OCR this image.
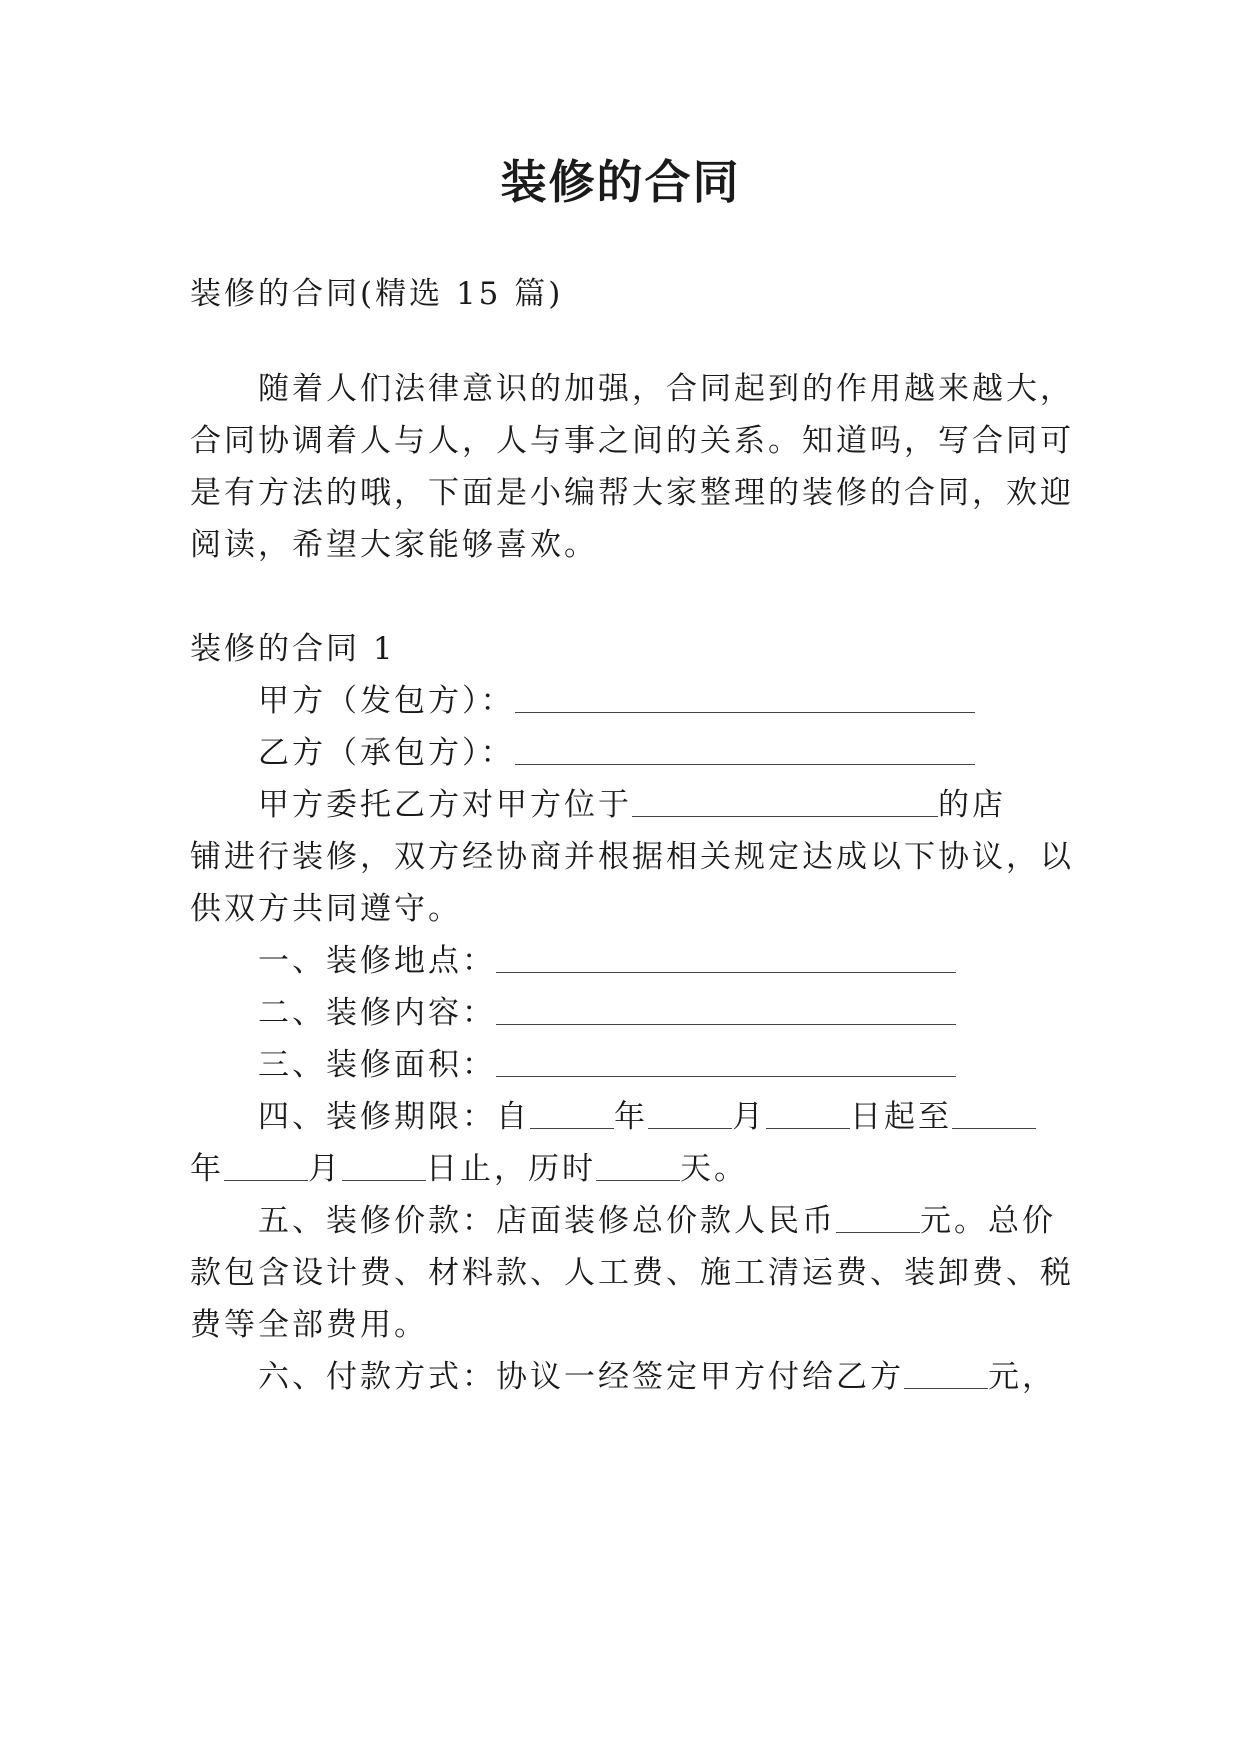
装修的合同
装修的合同(精选 15 篇)
随着人们法律意识的加强，合同起到的作用越来越大，
合同协调着人与人，人与事之间的关系。知道吗，写合同可
是有方法的哦，下面是小编帮大家整理的装修的合同，欢迎
阅读，希望大家能够喜欢。
装修的合同 1
甲方（发包方）：
乙方（承包方）：
甲方委托乙方对甲方位于	的店
铺进行装修，双方经协商并根据相关规定达成以下协议，以
供双方共同遵守。
一、装修地点：
二、装修内容：
三、装修面积：
四、装修期限：自	年	月	日起至
年	月	日止，历时	天。
五、装修价款：店面装修总价款人民币	元。总价
款包含设计费、材料款、人工费、施工清运费、装卸费、税
费等全部费用。
六、付款方式：协议一经签定甲方付给乙方	元，
